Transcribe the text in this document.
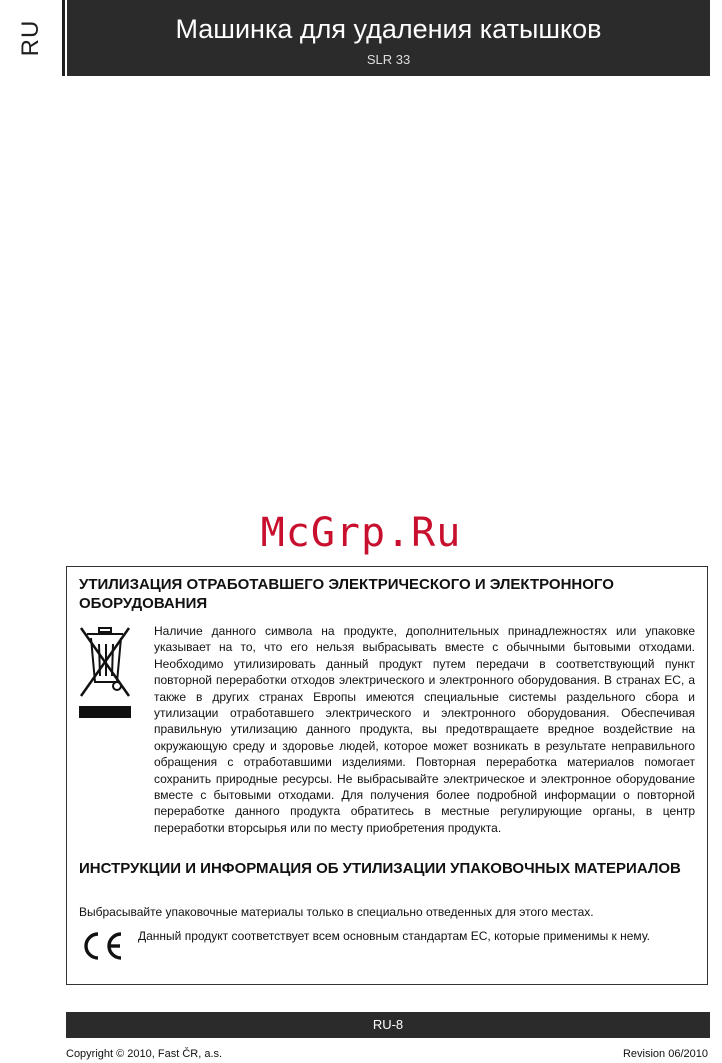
RU	Машинка для удаления катышков
SLR 33
McGrp.Ru
УТИЛИЗАЦИЯ ОТРАБОТАВШЕГО ЭЛЕКТРИЧЕСКОГО И ЭЛЕКТРОННОГО ОБОРУДОВАНИЯ
Наличие данного символа на продукте, дополнительных принадлежностях или упаковке указывает на то, что его нельзя выбрасывать вместе с обычными бытовыми отходами. Необходимо утилизировать данный продукт путем передачи в соответствующий пункт повторной переработки отходов электрического и электронного оборудования. В странах ЕС, а также в других странах Европы имеются специальные системы раздельного сбора и утилизации отработавшего электрического и электронного оборудования. Обеспечивая правильную утилизацию данного продукта, вы предотвращаете вредное воздействие на окружающую среду и здоровье людей, которое может возникать в результате неправильного обращения с отработавшими изделиями. Повторная переработка материалов помогает сохранить природные ресурсы. Не выбрасывайте электрическое и электронное оборудование вместе с бытовыми отходами. Для получения более подробной информации о повторной переработке данного продукта обратитесь в местные регулирующие органы, в центр переработки вторсырья или по месту приобретения продукта.
ИНСТРУКЦИИ И ИНФОРМАЦИЯ ОБ УТИЛИЗАЦИИ УПАКОВОЧНЫХ МАТЕРИАЛОВ
Выбрасывайте упаковочные материалы только в специально отведенных для этого местах.
Данный продукт соответствует всем основным стандартам ЕС, которые применимы к нему.
RU-8
Copyright © 2010, Fast ČR, a.s.	Revision 06/2010
